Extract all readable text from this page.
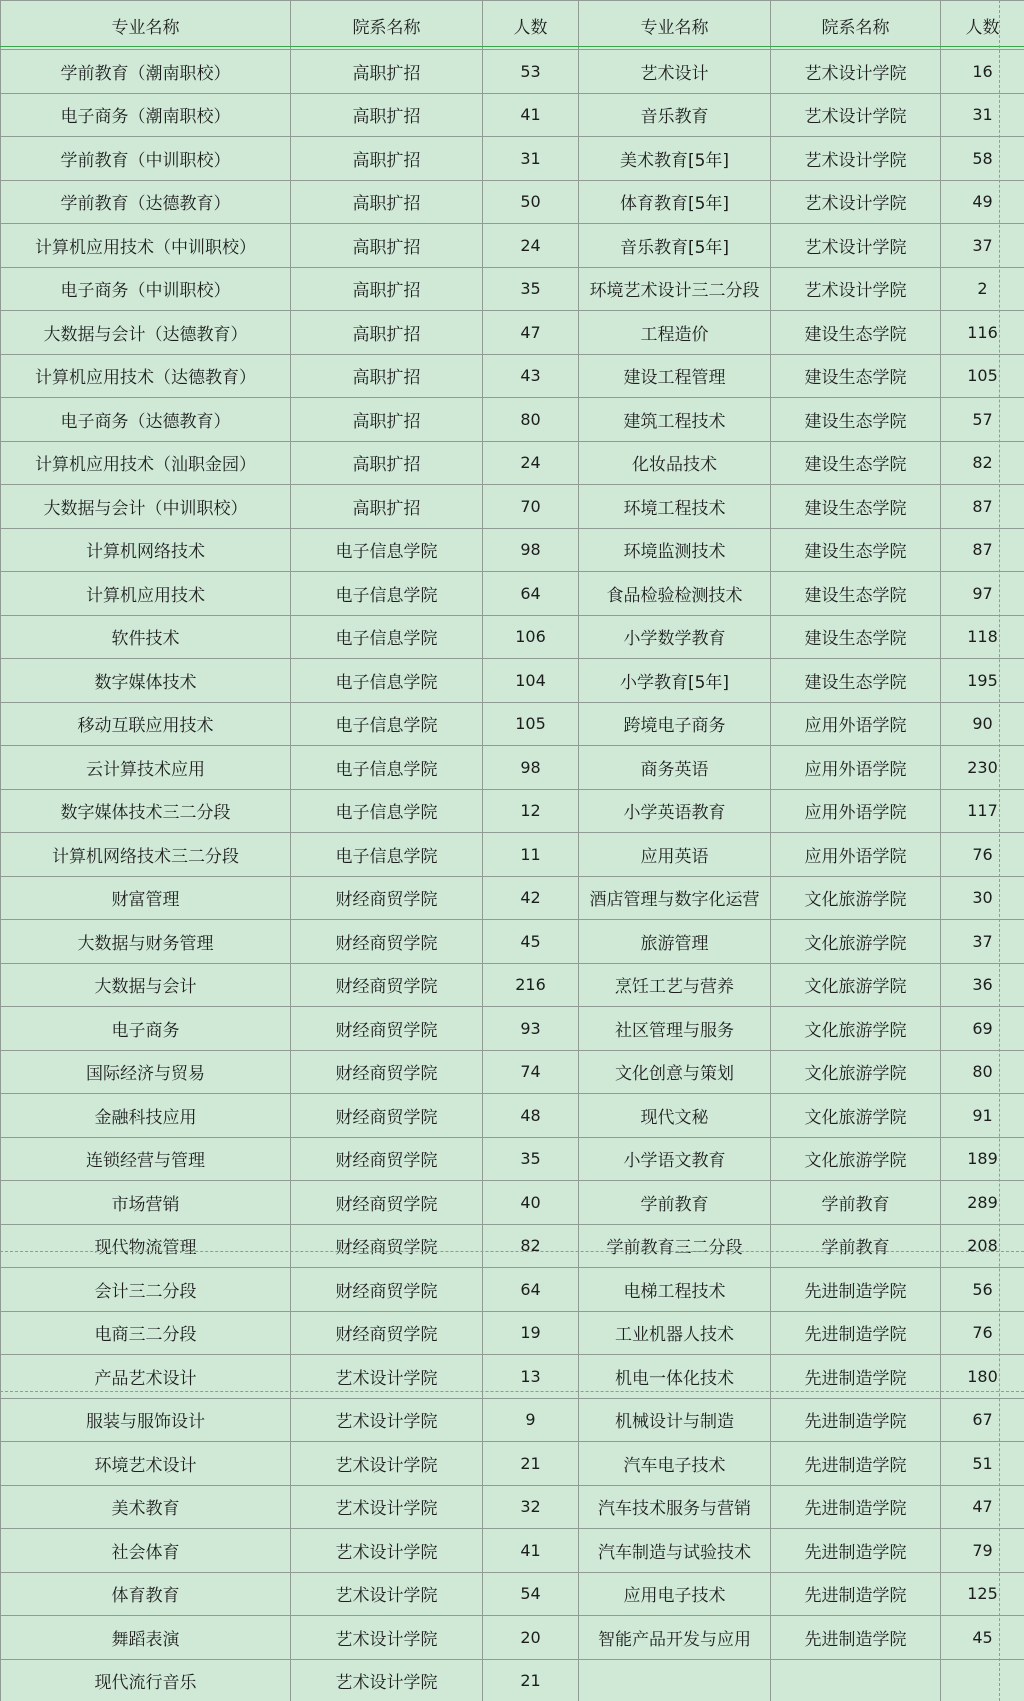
专业名称	院系名称	人数	专业名称	院系名称	人数
学前教育（潮南职校）	高职扩招	53	艺术设计	艺术设计学院	16
电子商务（潮南职校）	高职扩招	41	音乐教育	艺术设计学院	31
学前教育（中训职校）	高职扩招	31	美术教育[5年]	艺术设计学院	58
学前教育（达德教育）	高职扩招	50	体育教育[5年]	艺术设计学院	49
计算机应用技术（中训职校）	高职扩招	24	音乐教育[5年]	艺术设计学院	37
电子商务（中训职校）	高职扩招	35	环境艺术设计三二分段	艺术设计学院	2
大数据与会计（达德教育）	高职扩招	47	工程造价	建设生态学院	116
计算机应用技术（达德教育）	高职扩招	43	建设工程管理	建设生态学院	105
电子商务（达德教育）	高职扩招	80	建筑工程技术	建设生态学院	57
计算机应用技术（汕职金园）	高职扩招	24	化妆品技术	建设生态学院	82
大数据与会计（中训职校）	高职扩招	70	环境工程技术	建设生态学院	87
计算机网络技术	电子信息学院	98	环境监测技术	建设生态学院	87
计算机应用技术	电子信息学院	64	食品检验检测技术	建设生态学院	97
软件技术	电子信息学院	106	小学数学教育	建设生态学院	118
数字媒体技术	电子信息学院	104	小学教育[5年]	建设生态学院	195
移动互联应用技术	电子信息学院	105	跨境电子商务	应用外语学院	90
云计算技术应用	电子信息学院	98	商务英语	应用外语学院	230
数字媒体技术三二分段	电子信息学院	12	小学英语教育	应用外语学院	117
计算机网络技术三二分段	电子信息学院	11	应用英语	应用外语学院	76
财富管理	财经商贸学院	42	酒店管理与数字化运营	文化旅游学院	30
大数据与财务管理	财经商贸学院	45	旅游管理	文化旅游学院	37
大数据与会计	财经商贸学院	216	烹饪工艺与营养	文化旅游学院	36
电子商务	财经商贸学院	93	社区管理与服务	文化旅游学院	69
国际经济与贸易	财经商贸学院	74	文化创意与策划	文化旅游学院	80
金融科技应用	财经商贸学院	48	现代文秘	文化旅游学院	91
连锁经营与管理	财经商贸学院	35	小学语文教育	文化旅游学院	189
市场营销	财经商贸学院	40	学前教育	学前教育	289
现代物流管理	财经商贸学院	82	学前教育三二分段	学前教育	208
会计三二分段	财经商贸学院	64	电梯工程技术	先进制造学院	56
电商三二分段	财经商贸学院	19	工业机器人技术	先进制造学院	76
产品艺术设计	艺术设计学院	13	机电一体化技术	先进制造学院	180
服装与服饰设计	艺术设计学院	9	机械设计与制造	先进制造学院	67
环境艺术设计	艺术设计学院	21	汽车电子技术	先进制造学院	51
美术教育	艺术设计学院	32	汽车技术服务与营销	先进制造学院	47
社会体育	艺术设计学院	41	汽车制造与试验技术	先进制造学院	79
体育教育	艺术设计学院	54	应用电子技术	先进制造学院	125
舞蹈表演	艺术设计学院	20	智能产品开发与应用	先进制造学院	45
现代流行音乐	艺术设计学院	21			
